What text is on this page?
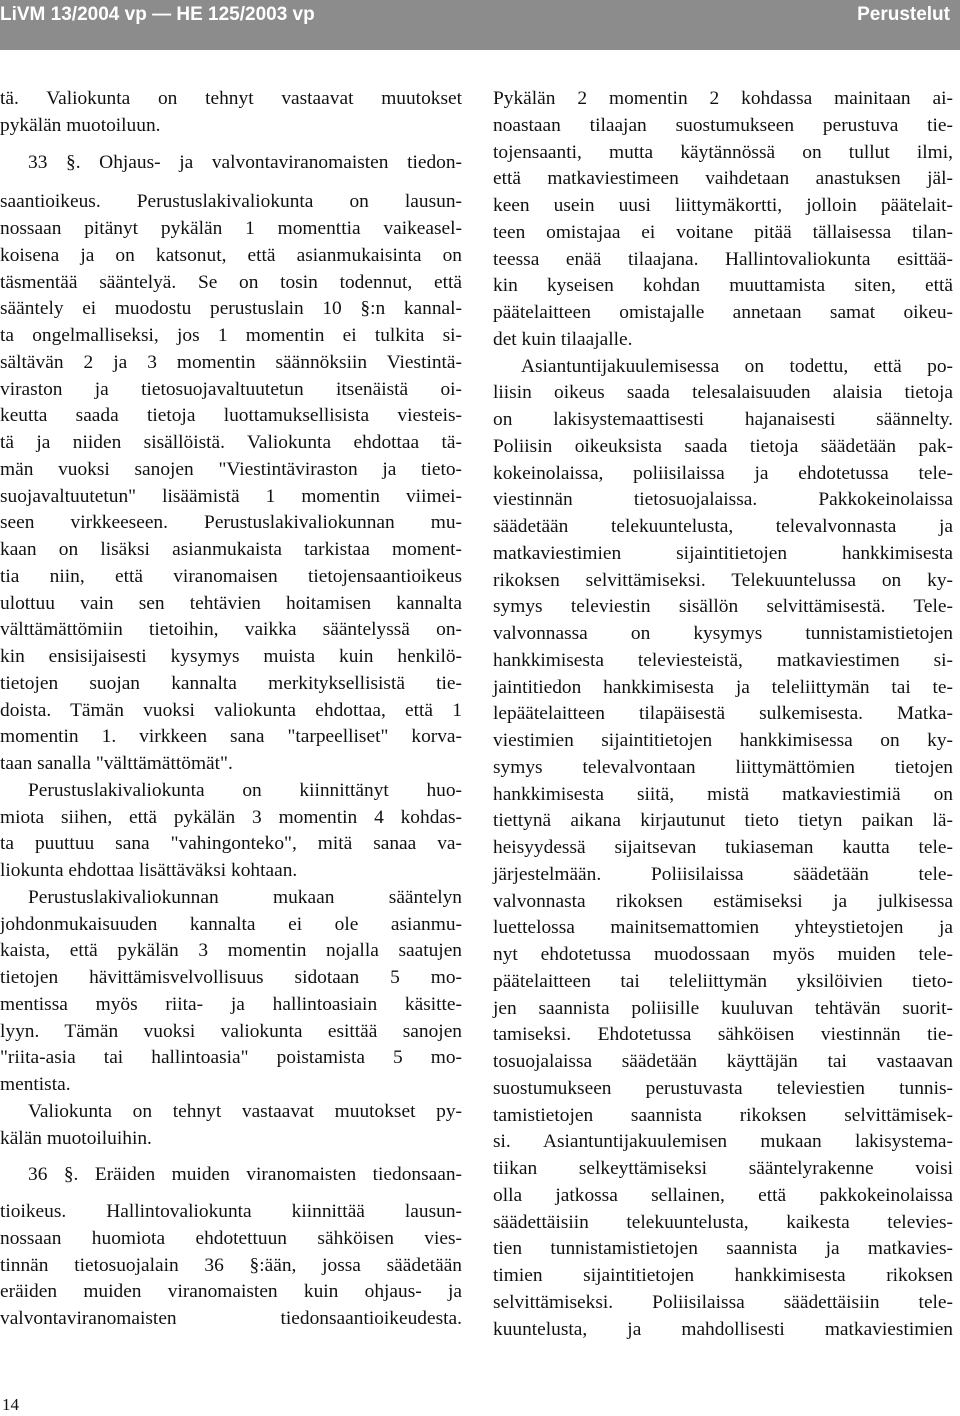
LiVM 13/2004 vp — HE 125/2003 vp	Perustelut
tä. Valiokunta on tehnyt vastaavat muutokset
pykälän muotoiluun.
33 §. Ohjaus- ja valvontaviranomaisten tiedon-
saantioikeus. Perustuslakivaliokunta on lausun-
nossaan pitänyt pykälän 1 momenttia vaikeasel-
koisena ja on katsonut, että asianmukaisinta on
täsmentää sääntelyä. Se on tosin todennut, että
sääntely ei muodostu perustuslain 10 §:n kannal-
ta ongelmalliseksi, jos 1 momentin ei tulkita si-
sältävän 2 ja 3 momentin säännöksiin Viestintä-
viraston ja tietosuojavaltuutetun itsenäistä oi-
keutta saada tietoja luottamuksellisista viesteis-
tä ja niiden sisällöistä. Valiokunta ehdottaa tä-
män vuoksi sanojen "Viestintäviraston ja tieto-
suojavaltuutetun" lisäämistä 1 momentin viimei-
seen virkkeeseen. Perustuslakivaliokunnan mu-
kaan on lisäksi asianmukaista tarkistaa moment-
tia niin, että viranomaisen tietojensaantioikeus
ulottuu vain sen tehtävien hoitamisen kannalta
välttämättömiin tietoihin, vaikka sääntelyssä on-
kin ensisijaisesti kysymys muista kuin henkilö-
tietojen suojan kannalta merkityksellisistä tie-
doista. Tämän vuoksi valiokunta ehdottaa, että 1
momentin 1. virkkeen sana "tarpeelliset" korva-
taan sanalla "välttämättömät".
Perustuslakivaliokunta on kiinnittänyt huo-
miota siihen, että pykälän 3 momentin 4 kohdas-
ta puuttuu sana "vahingonteko", mitä sanaa va-
liokunta ehdottaa lisättäväksi kohtaan.
Perustuslakivaliokunnan mukaan sääntelyn
johdonmukaisuuden kannalta ei ole asianmu-
kaista, että pykälän 3 momentin nojalla saatujen
tietojen hävittämisvelvollisuus sidotaan 5 mo-
mentissa myös riita- ja hallintoasiain käsitte-
lyyn. Tämän vuoksi valiokunta esittää sanojen
"riita-asia tai hallintoasia" poistamista 5 mo-
mentista.
Valiokunta on tehnyt vastaavat muutokset py-
kälän muotoiluihin.
36 §. Eräiden muiden viranomaisten tiedonsaan-
tioikeus. Hallintovaliokunta kiinnittää lausun-
nossaan huomiota ehdotettuun sähköisen vies-
tinnän tietosuojalain 36 §:ään, jossa säädetään
eräiden muiden viranomaisten kuin ohjaus- ja
valvontaviranomaisten tiedonsaantioikeudesta.
Pykälän 2 momentin 2 kohdassa mainitaan ai-
noastaan tilaajan suostumukseen perustuva tie-
tojensaanti, mutta käytännössä on tullut ilmi,
että matkaviestimeen vaihdetaan anastuksen jäl-
keen usein uusi liittymäkortti, jolloin päätelait-
teen omistajaa ei voitane pitää tällaisessa tilan-
teessa enää tilaajana. Hallintovaliokunta esittää-
kin kyseisen kohdan muuttamista siten, että
päätelaitteen omistajalle annetaan samat oikeu-
det kuin tilaajalle.
Asiantuntijakuulemisessa on todettu, että po-
liisin oikeus saada telesalaisuuden alaisia tietoja
on lakisystemaattisesti hajanaisesti säännelty.
Poliisin oikeuksista saada tietoja säädetään pak-
kokeinolaissa, poliisilaissa ja ehdotetussa tele-
viestinnän tietosuojalaissa. Pakkokeinolaissa
säädetään telekuuntelusta, televalvonnasta ja
matkaviestimien sijaintitietojen hankkimisesta
rikoksen selvittämiseksi. Telekuuntelussa on ky-
symys televiestin sisällön selvittämisestä. Tele-
valvonnassa on kysymys tunnistamistietojen
hankkimisesta televiesteistä, matkaviestimen si-
jaintitiedon hankkimisesta ja teleliittymän tai te-
lepäätelaitteen tilapäisestä sulkemisesta. Matka-
viestimien sijaintitietojen hankkimisessa on ky-
symys televalvontaan liittymättömien tietojen
hankkimisesta siitä, mistä matkaviestimiä on
tiettynä aikana kirjautunut tieto tietyn paikan lä-
heisyydessä sijaitsevan tukiaseman kautta tele-
järjestelmään. Poliisilaissa säädetään tele-
valvonnasta rikoksen estämiseksi ja julkisessa
luettelossa mainitsemattomien yhteystietojen ja
nyt ehdotetussa muodossaan myös muiden tele-
päätelaitteen tai teleliittymän yksilöivien tieto-
jen saannista poliisille kuuluvan tehtävän suorit-
tamiseksi. Ehdotetussa sähköisen viestinnän tie-
tosuojalaissa säädetään käyttäjän tai vastaavan
suostumukseen perustuvasta televiestien tunnis-
tamistietojen saannista rikoksen selvittämisek-
si. Asiantuntijakuulemisen mukaan lakisystema-
tiikan selkeyttämiseksi sääntelyrakenne voisi
olla jatkossa sellainen, että pakkokeinolaissa
säädettäisiin telekuuntelusta, kaikesta televies-
tien tunnistamistietojen saannista ja matkavies-
timien sijaintitietojen hankkimisesta rikoksen
selvittämiseksi. Poliisilaissa säädettäisiin tele-
kuuntelusta, ja mahdollisesti matkaviestimien
14
